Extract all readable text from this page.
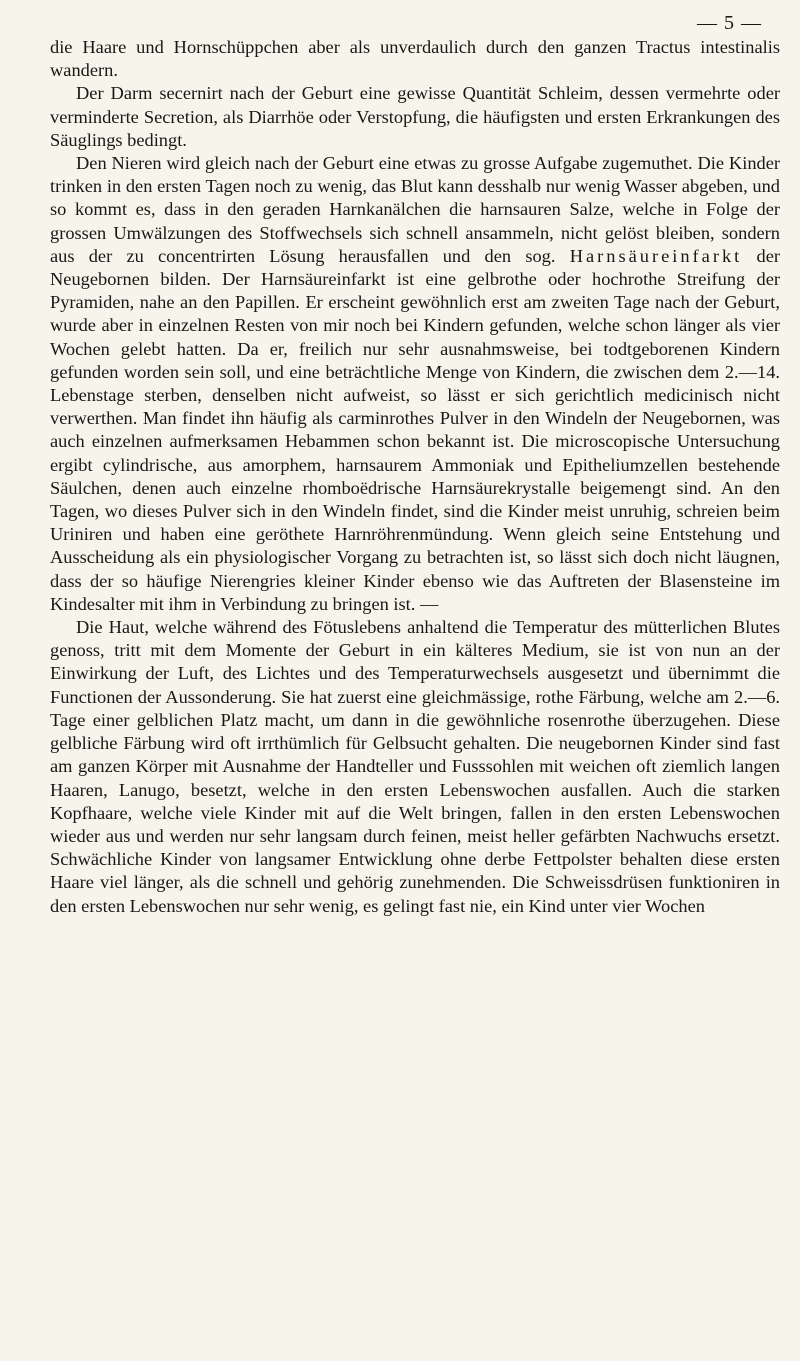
— 5 —

die Haare und Hornschüppchen aber als unverdaulich durch den ganzen Tractus intestinalis wandern.

Der Darm secernirt nach der Geburt eine gewisse Quantität Schleim, dessen vermehrte oder verminderte Secretion, als Diarrhöe oder Verstopfung, die häufigsten und ersten Erkrankungen des Säuglings bedingt.

Den Nieren wird gleich nach der Geburt eine etwas zu grosse Aufgabe zugemuthet. Die Kinder trinken in den ersten Tagen noch zu wenig, das Blut kann desshalb nur wenig Wasser abgeben, und so kommt es, dass in den geraden Harnkanälchen die harnsauren Salze, welche in Folge der grossen Umwälzungen des Stoffwechsels sich schnell ansammeln, nicht gelöst bleiben, sondern aus der zu concentrirten Lösung herausfallen und den sog. Harnsäureinfarkt der Neugebornen bilden. Der Harnsäureinfarkt ist eine gelbrothe oder hochrothe Streifung der Pyramiden, nahe an den Papillen. Er erscheint gewöhnlich erst am zweiten Tage nach der Geburt, wurde aber in einzelnen Resten von mir noch bei Kindern gefunden, welche schon länger als vier Wochen gelebt hatten. Da er, freilich nur sehr ausnahmsweise, bei todtgeborenen Kindern gefunden worden sein soll, und eine beträchtliche Menge von Kindern, die zwischen dem 2.—14. Lebenstage sterben, denselben nicht aufweist, so lässt er sich gerichtlich medicinisch nicht verwerthen. Man findet ihn häufig als carminrothes Pulver in den Windeln der Neugebornen, was auch einzelnen aufmerksamen Hebammen schon bekannt ist. Die microscopische Untersuchung ergibt cylindrische, aus amorphem, harnsaurem Ammoniak und Epitheliumzellen bestehende Säulchen, denen auch einzelne rhomboëdrische Harnsäurekrystalle beigemengt sind. An den Tagen, wo dieses Pulver sich in den Windeln findet, sind die Kinder meist unruhig, schreien beim Uriniren und haben eine geröthete Harnröhrenmündung. Wenn gleich seine Entstehung und Ausscheidung als ein physiologischer Vorgang zu betrachten ist, so lässt sich doch nicht läugnen, dass der so häufige Nierengries kleiner Kinder ebenso wie das Auftreten der Blasensteine im Kindesalter mit ihm in Verbindung zu bringen ist. —

Die Haut, welche während des Fötuslebens anhaltend die Temperatur des mütterlichen Blutes genoss, tritt mit dem Momente der Geburt in ein kälteres Medium, sie ist von nun an der Einwirkung der Luft, des Lichtes und des Temperaturwechsels ausgesetzt und übernimmt die Functionen der Aussonderung. Sie hat zuerst eine gleichmässige, rothe Färbung, welche am 2.—6. Tage einer gelblichen Platz macht, um dann in die gewöhnliche rosenrothe überzugehen. Diese gelbliche Färbung wird oft irrthümlich für Gelbsucht gehalten. Die neugebornen Kinder sind fast am ganzen Körper mit Ausnahme der Handteller und Fusssohlen mit weichen oft ziemlich langen Haaren, Lanugo, besetzt, welche in den ersten Lebenswochen ausfallen. Auch die starken Kopfhaare, welche viele Kinder mit auf die Welt bringen, fallen in den ersten Lebenswochen wieder aus und werden nur sehr langsam durch feinen, meist heller gefärbten Nachwuchs ersetzt. Schwächliche Kinder von langsamer Entwicklung ohne derbe Fettpolster behalten diese ersten Haare viel länger, als die schnell und gehörig zunehmenden. Die Schweissdrüsen funktioniren in den ersten Lebenswochen nur sehr wenig, es gelingt fast nie, ein Kind unter vier Wochen
